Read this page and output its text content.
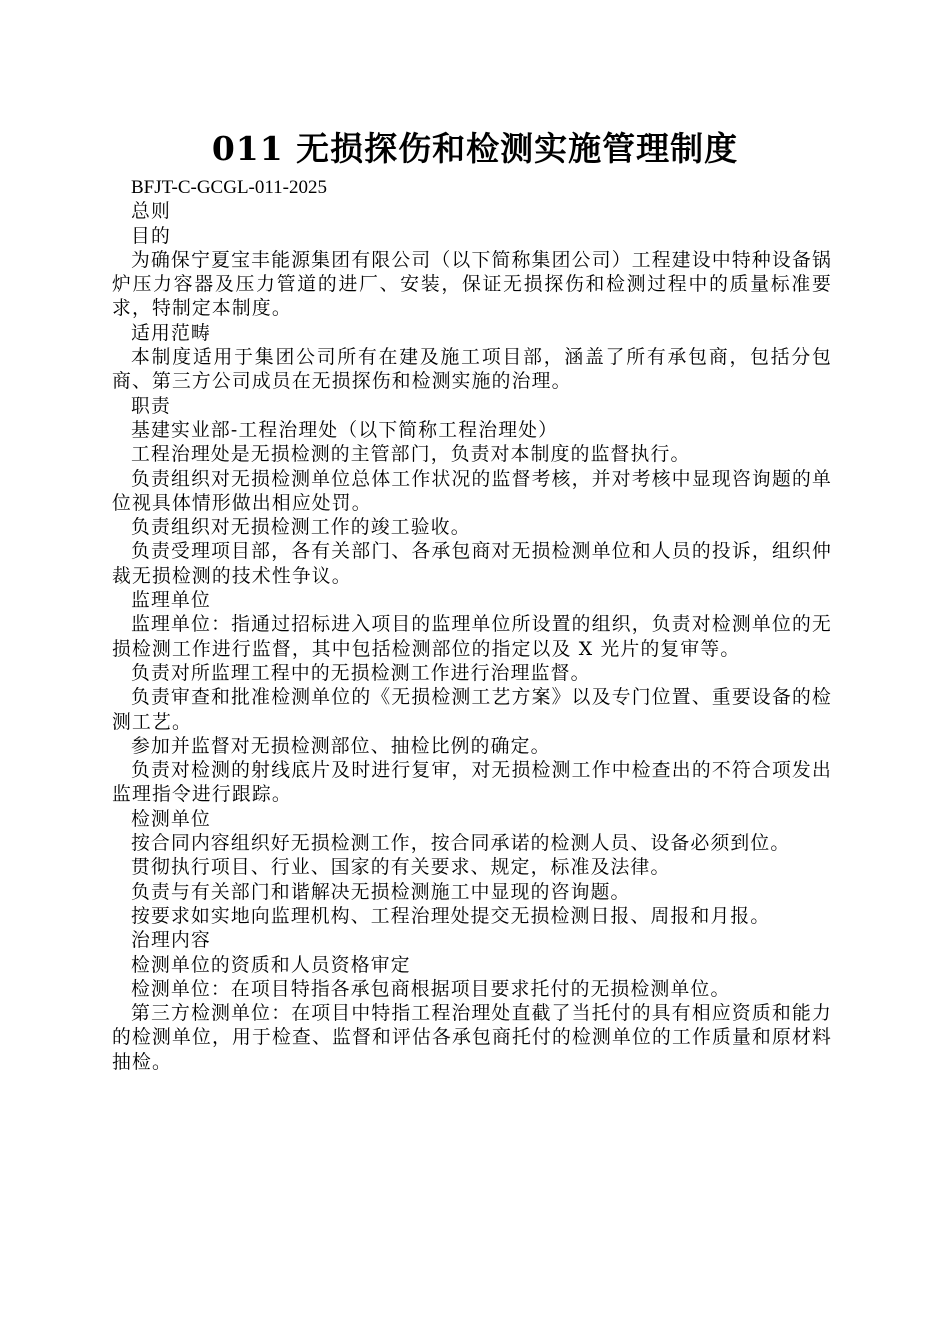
011 无损探伤和检测实施管理制度

BFJT-C-GCGL-011-2025

总则

目的

为确保宁夏宝丰能源集团有限公司（以下简称集团公司）工程建设中特种设备锅炉压力容器及压力管道的进厂、安装，保证无损探伤和检测过程中的质量标准要求，特制定本制度。

适用范畴

本制度适用于集团公司所有在建及施工项目部，涵盖了所有承包商，包括分包商、第三方公司成员在无损探伤和检测实施的治理。

职责

基建实业部-工程治理处（以下简称工程治理处）

工程治理处是无损检测的主管部门，负责对本制度的监督执行。

负责组织对无损检测单位总体工作状况的监督考核，并对考核中显现咨询题的单位视具体情形做出相应处罚。

负责组织对无损检测工作的竣工验收。

负责受理项目部，各有关部门、各承包商对无损检测单位和人员的投诉，组织仲裁无损检测的技术性争议。

监理单位

监理单位：指通过招标进入项目的监理单位所设置的组织，负责对检测单位的无损检测工作进行监督，其中包括检测部位的指定以及 X 光片的复审等。

负责对所监理工程中的无损检测工作进行治理监督。

负责审查和批准检测单位的《无损检测工艺方案》以及专门位置、重要设备的检测工艺。

参加并监督对无损检测部位、抽检比例的确定。

负责对检测的射线底片及时进行复审，对无损检测工作中检查出的不符合项发出监理指令进行跟踪。

检测单位

按合同内容组织好无损检测工作，按合同承诺的检测人员、设备必须到位。

贯彻执行项目、行业、国家的有关要求、规定，标准及法律。

负责与有关部门和谐解决无损检测施工中显现的咨询题。

按要求如实地向监理机构、工程治理处提交无损检测日报、周报和月报。

治理内容

检测单位的资质和人员资格审定

检测单位：在项目特指各承包商根据项目要求托付的无损检测单位。

第三方检测单位：在项目中特指工程治理处直截了当托付的具有相应资质和能力的检测单位，用于检查、监督和评估各承包商托付的检测单位的工作质量和原材料抽检。
